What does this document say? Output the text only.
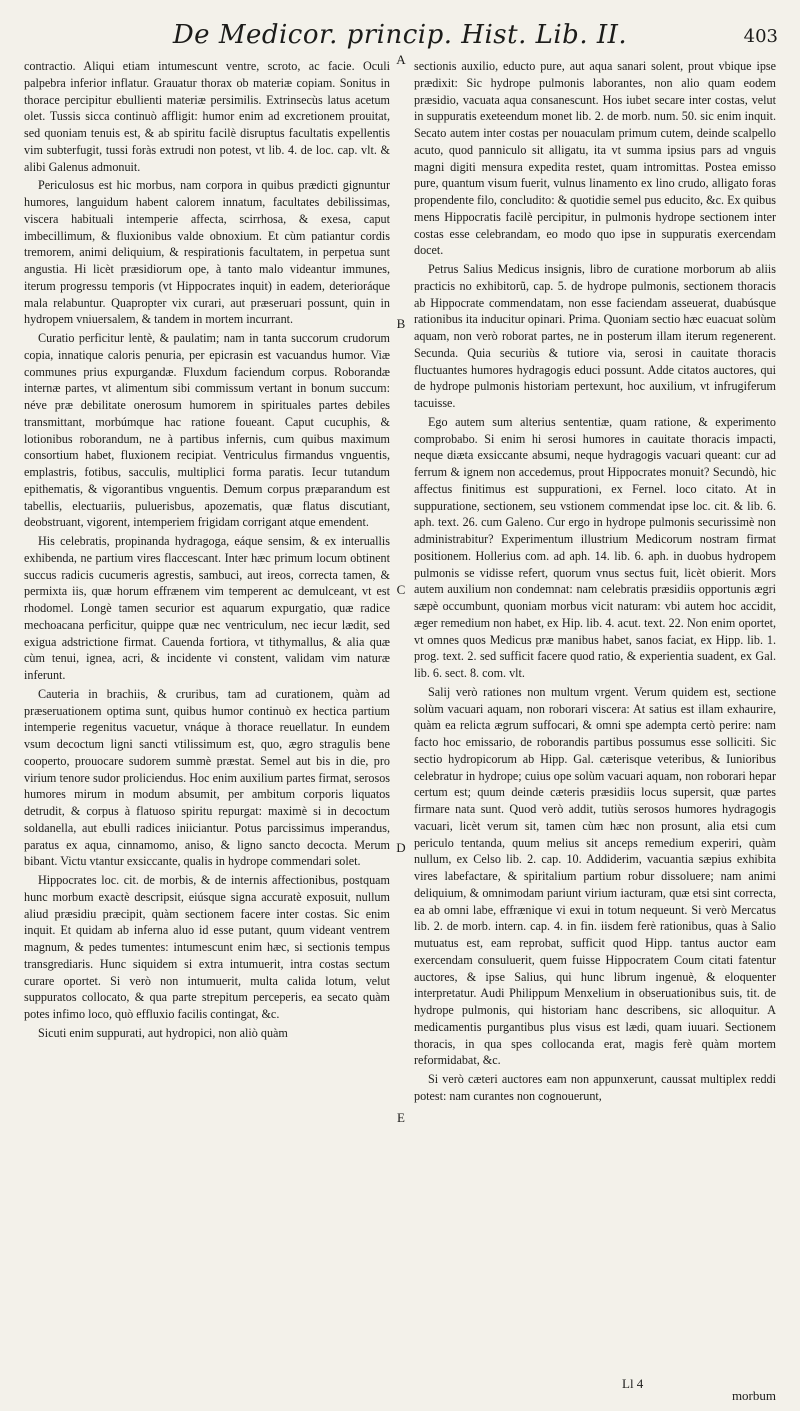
De Medicor. princip. Hist. Lib. II.	403

contractio. Aliqui etiam intumescunt ventre, scroto, ac facie. Oculi palpebra inferior inflatur. Grauatur thorax ob materiæ copiam. Sonitus in thorace percipitur ebullienti materiæ persimilis. Extrinsecùs latus acetum olet. Tussis sicca continuò affligit: humor enim ad excretionem prouitat, sed quoniam tenuis est, & ab spiritu facilè disruptus facultatis expellentis vim subterfugit, tussi foràs extrudi non potest, vt lib. 4. de loc. cap. vlt. & alibi Galenus admonuit.

Periculosus est hic morbus, nam corpora in quibus prædicti gignuntur humores, languidum habent calorem innatum, facultates debilissimas, viscera habituali intemperie affecta, scirrhosa, & exesa, caput imbecillimum, & fluxionibus valde obnoxium. Et cùm patiantur cordis tremorem, animi deliquium, & respirationis facultatem, in perpetua sunt angustia. Hi licèt præsidiorum ope, à tanto malo videantur immunes, iterum progressu temporis (vt Hippocrates inquit) in eadem, deterioráque mala relabuntur. Quapropter vix curari, aut præseruari possunt, quin in hydropem vniuersalem, & tandem in mortem incurrant.

Curatio perficitur lentè, & paulatim; nam in tanta succorum crudorum copia, innatique caloris penuria, per epicrasin est vacuandus humor. Viæ communes prius expurgandæ. Fluxdum faciendum corpus. Roborandæ internæ partes, vt alimentum sibi commissum vertant in bonum succum: néve præ debilitate onerosum humorem in spirituales partes debiles transmittant, morbúmque hac ratione foueant. Caput cucuphis, & lotionibus roborandum, ne à partibus infernis, cum quibus maximum consortium habet, fluxionem recipiat. Ventriculus firmandus vnguentis, emplastris, fotibus, sacculis, multiplici forma paratis. Iecur tutandum epithematis, & vigorantibus vnguentis. Demum corpus præparandum est tabellis, electuariis, puluerisbus, apozematis, quæ flatus discutiant, deobstruant, vigorent, intemperiem frigidam corrigant atque emendent.

His celebratis, propinanda hydragoga, eáque sensim, & ex interuallis exhibenda, ne partium vires flaccescant. Inter hæc primum locum obtinent succus radicis cucumeris agrestis, sambuci, aut ireos, correcta tamen, & permixta iis, quæ horum effrænem vim temperent ac demulceant, vt est rhodomel. Longè tamen securior est aquarum expurgatio, quæ radice mechoacana perficitur, quippe quæ nec ventriculum, nec iecur lædit, sed exigua adstrictione firmat. Cauenda fortiora, vt tithymallus, & alia quæ cùm tenui, ignea, acri, & incidente vi constent, validam vim naturæ inferunt.

Cauteria in brachiis, & cruribus, tam ad curationem, quàm ad præseruationem optima sunt, quibus humor continuò ex hectica partium intemperie regenitus vacuetur, vnáque à thorace reuellatur. In eundem vsum decoctum ligni sancti vtilissimum est, quo, ægro stragulis bene cooperto, prouocare sudorem summè præstat. Semel aut bis in die, pro virium tenore sudor proliciendus. Hoc enim auxilium partes firmat, serosos humores mirum in modum absumit, per ambitum corporis liquatos detrudit, & corpus à flatuoso spiritu repurgat: maximè si in decoctum soldanella, aut ebulli radices iniiciantur. Potus parcissimus imperandus, paratus ex aqua, cinnamomo, aniso, & ligno sancto decocta. Merum bibant. Victu vtantur exsiccante, qualis in hydrope commendari solet.

Hippocrates loc. cit. de morbis, & de internis affectionibus, postquam hunc morbum exactè descripsit, eiúsque signa accuratè exposuit, nullum aliud præsidiu præcipit, quàm sectionem facere inter costas. Sic enim inquit. Et quidam ab inferna aluo id esse putant, quum videant ventrem magnum, & pedes tumentes: intumescunt enim hæc, si sectionis tempus transgrediaris. Hunc siquidem si extra intumuerit, intra costas sectum curare oportet. Si verò non intumuerit, multa calida lotum, velut suppuratos collocato, & qua parte strepitum perceperis, ea secato quàm potes infimo loco, quò effluxio facilis contingat, &c.

Sicuti enim suppurati, aut hydropici, non aliò quàm

A
B
C
D
E

sectionis auxilio, educto pure, aut aqua sanari solent, prout vbique ipse prædixit: Sic hydrope pulmonis laborantes, non alio quam eodem præsidio, vacuata aqua consanescunt. Hos iubet secare inter costas, velut in suppuratis exeteendum monet lib. 2. de morb. num. 50. sic enim inquit. Secato autem inter costas per nouaculam primum cutem, deinde scalpello acuto, quod panniculo sit alligatu, ita vt summa ipsius pars ad vnguis magni digiti mensura expedita restet, quam intromittas. Postea emisso pure, quantum visum fuerit, vulnus linamento ex lino crudo, alligato foras propendente filo, concludito: & quotidie semel pus educito, &c. Ex quibus mens Hippocratis facilè percipitur, in pulmonis hydrope sectionem inter costas esse celebrandam, eo modo quo ipse in suppuratis exercendam docet.

Petrus Salius Medicus insignis, libro de curatione morborum ab aliis practicis no exhibitorũ, cap. 5. de hydrope pulmonis, sectionem thoracis ab Hippocrate commendatam, non esse faciendam asseuerat, duabúsque rationibus ita inducitur opinari. Prima. Quoniam sectio hæc euacuat solùm aquam, non verò roborat partes, ne in posterum illam iterum regenerent. Secunda. Quia securiùs & tutiore via, serosi in cauitate thoracis fluctuantes humores hydragogis educi possunt. Adde citatos auctores, qui de hydrope pulmonis historiam pertexunt, hoc auxilium, vt infrugiferum tacuisse.

Ego autem sum alterius sententiæ, quam ratione, & experimento comprobabo. Si enim hi serosi humores in cauitate thoracis impacti, neque diæta exsiccante absumi, neque hydragogis vacuari queant: cur ad ferrum & ignem non accedemus, prout Hippocrates monuit? Secundò, hic affectus finitimus est suppurationi, ex Fernel. loco citato. At in suppuratione, sectionem, seu vstionem commendat ipse loc. cit. & lib. 6. aph. text. 26. cum Galeno. Cur ergo in hydrope pulmonis securissimè non administrabitur? Experimentum illustrium Medicorum nostram firmat positionem. Hollerius com. ad aph. 14. lib. 6. aph. in duobus hydropem pulmonis se vidisse refert, quorum vnus sectus fuit, licèt obierit. Mors autem auxilium non condemnat: nam celebratis præsidiis opportunis ægri sæpè occumbunt, quoniam morbus vicit naturam: vbi autem hoc accidit, æger remedium non habet, ex Hip. lib. 4. acut. text. 22. Non enim oportet, vt omnes quos Medicus præ manibus habet, sanos faciat, ex Hipp. lib. 1. prog. text. 2. sed sufficit facere quod ratio, & experientia suadent, ex Gal. lib. 6. sect. 8. com. vlt.

Salij verò rationes non multum vrgent. Verum quidem est, sectione solùm vacuari aquam, non roborari viscera: At satius est illam exhaurire, quàm ea relicta ægrum suffocari, & omni spe adempta certò perire: nam facto hoc emissario, de roborandis partibus possumus esse solliciti. Sic sectio hydropicorum ab Hipp. Gal. cæterisque veteribus, & Iunioribus celebratur in hydrope; cuius ope solùm vacuari aquam, non roborari hepar certum est; quum deinde cæteris præsidiis locus supersit, quæ partes firmare nata sunt. Quod verò addit, tutiùs serosos humores hydragogis vacuari, licèt verum sit, tamen cùm hæc non prosunt, alia etsi cum periculo tentanda, quum melius sit anceps remedium experiri, quàm nullum, ex Celso lib. 2. cap. 10. Addiderim, vacuantia sæpius exhibita vires labefactare, & spiritalium partium robur dissoluere; nam animi deliquium, & omnimodam pariunt virium iacturam, quæ etsi sint correcta, ea ab omni labe, effrænique vi exui in totum nequeunt. Si verò Mercatus lib. 2. de morb. intern. cap. 4. in fin. iisdem ferè rationibus, quas à Salio mutuatus est, eam reprobat, sufficit quod Hipp. tantus auctor eam exercendam consuluerit, quem fuisse Hippocratem Coum citati fatentur auctores, & ipse Salius, qui hunc librum ingenuè, & eloquenter interpretatur. Audi Philippum Menxelium in obseruationibus suis, tit. de hydrope pulmonis, qui historiam hanc describens, sic alloquitur. A medicamentis purgantibus plus visus est lædi, quam iuuari. Sectionem thoracis, in qua spes collocanda erat, magis ferè quàm mortem reformidabat, &c.

Si verò cæteri auctores eam non appunxerunt, caussat multiplex reddi potest: nam curantes non cognouerunt,

Ll 4
morbum
